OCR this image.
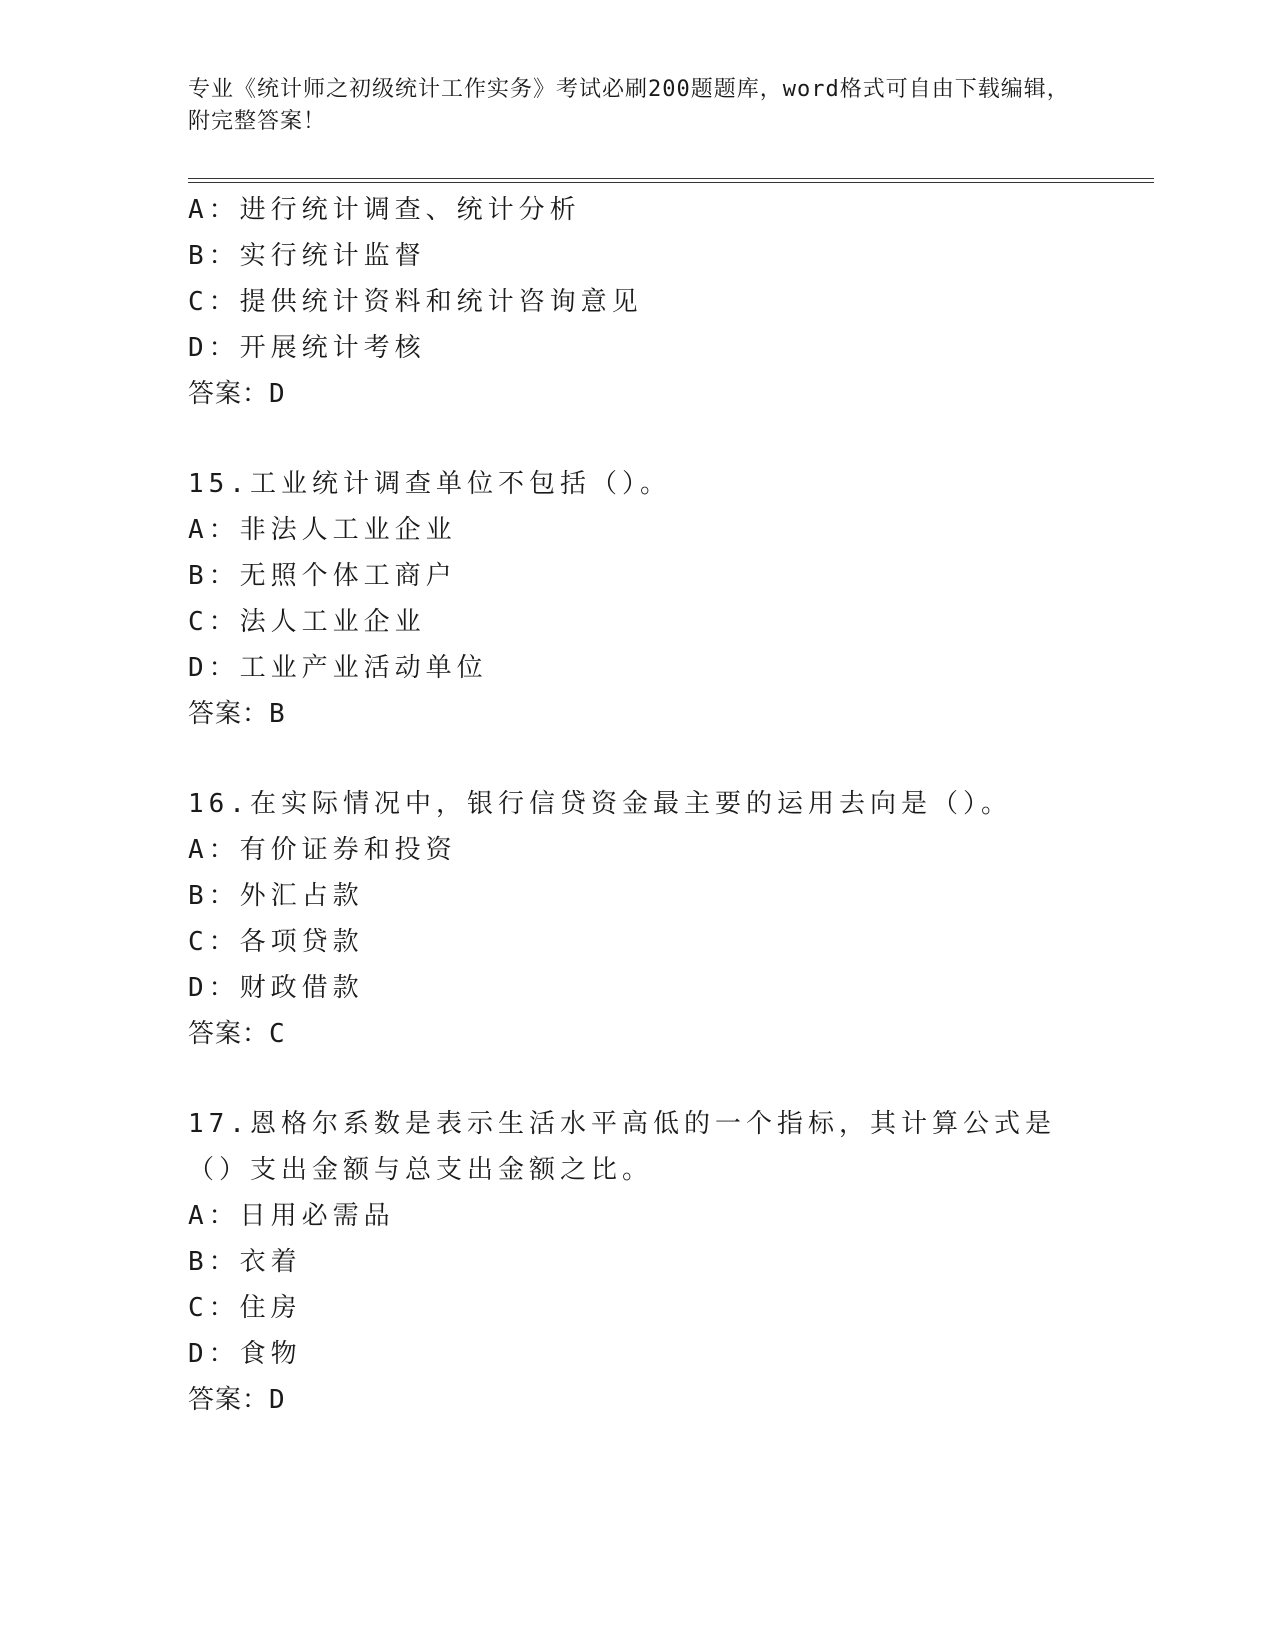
专业《统计师之初级统计工作实务》考试必刷200题题库，word格式可自由下载编辑，附完整答案！
A：进行统计调查、统计分析
B：实行统计监督
C：提供统计资料和统计咨询意见
D：开展统计考核
答案：D
15.工业统计调查单位不包括（）。
A：非法人工业企业
B：无照个体工商户
C：法人工业企业
D：工业产业活动单位
答案：B
16.在实际情况中，银行信贷资金最主要的运用去向是（）。
A：有价证券和投资
B：外汇占款
C：各项贷款
D：财政借款
答案：C
17.恩格尔系数是表示生活水平高低的一个指标，其计算公式是（）支出金额与总支出金额之比。
A：日用必需品
B：衣着
C：住房
D：食物
答案：D
